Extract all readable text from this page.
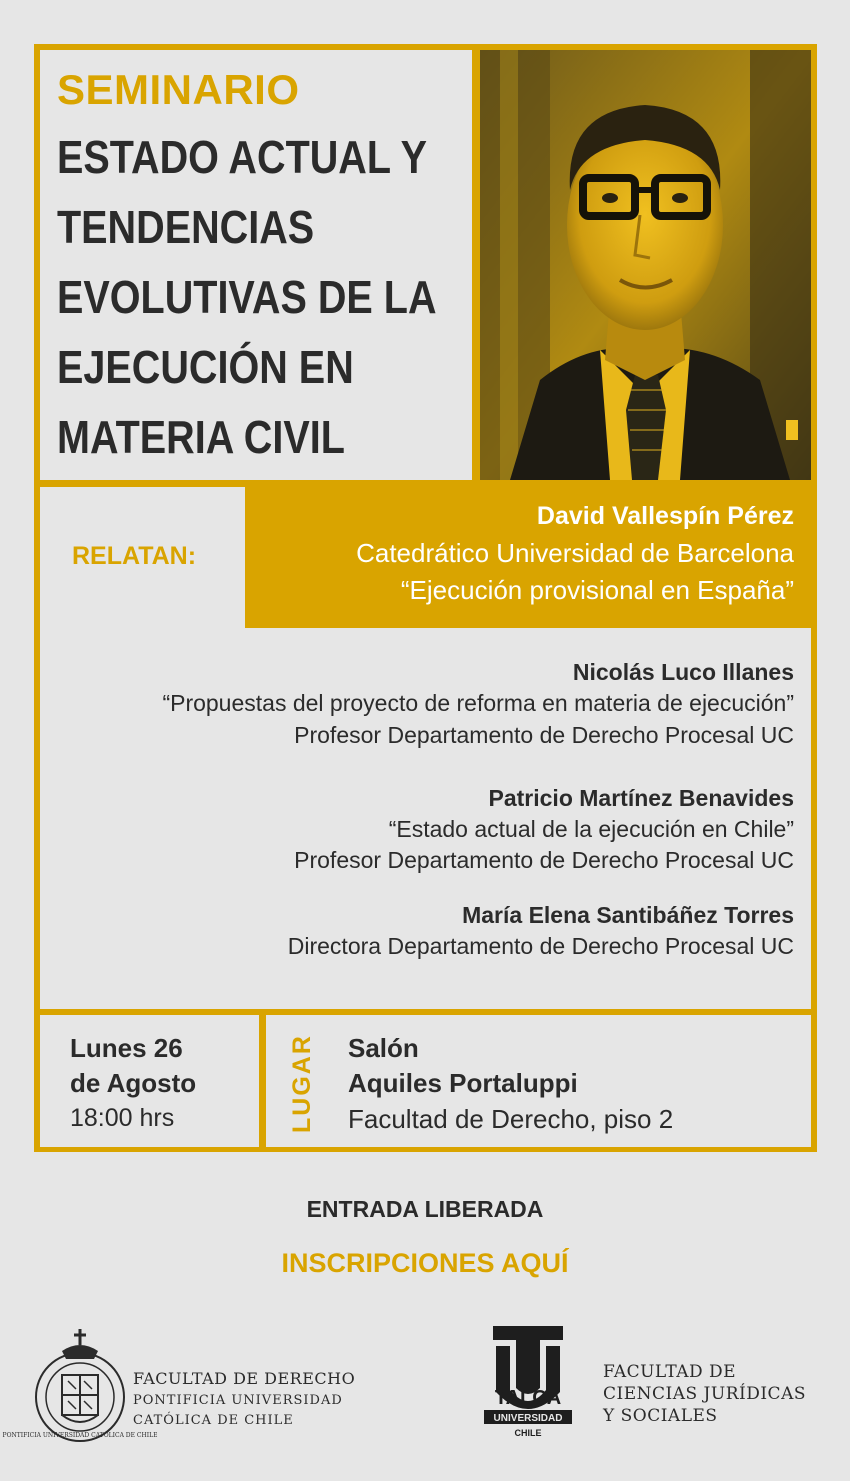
SEMINARIO

ESTADO ACTUAL Y

TENDENCIAS

EVOLUTIVAS DE LA

EJECUCIÓN EN

MATERIA CIVIL

RELATAN:

David Vallespín Pérez

Catedrático Universidad de Barcelona

“Ejecución provisional en España”

Nicolás Luco Illanes

“Propuestas del proyecto de reforma en materia de ejecución”

Profesor Departamento de Derecho Procesal UC

Patricio Martínez Benavides

“Estado actual de la ejecución en Chile”

Profesor Departamento de Derecho Procesal UC

María Elena Santibáñez Torres

Directora Departamento de Derecho Procesal UC

Lunes 26

de Agosto

18:00 hrs	LUGAR Salón

Aquiles Portaluppi

Facultad de Derecho, piso 2

ENTRADA LIBERADA

INSCRIPCIONES AQUÍ

PONTIFICIA UNIVERSIDAD CATOLICA DE CHILE

FACULTAD DE DERECHO

PONTIFICIA UNIVERSIDAD

CATÓLICA DE CHILE

TALCA
UNIVERSIDAD
CHILE

FACULTAD DE

CIENCIAS JURÍDICAS

Y SOCIALES
